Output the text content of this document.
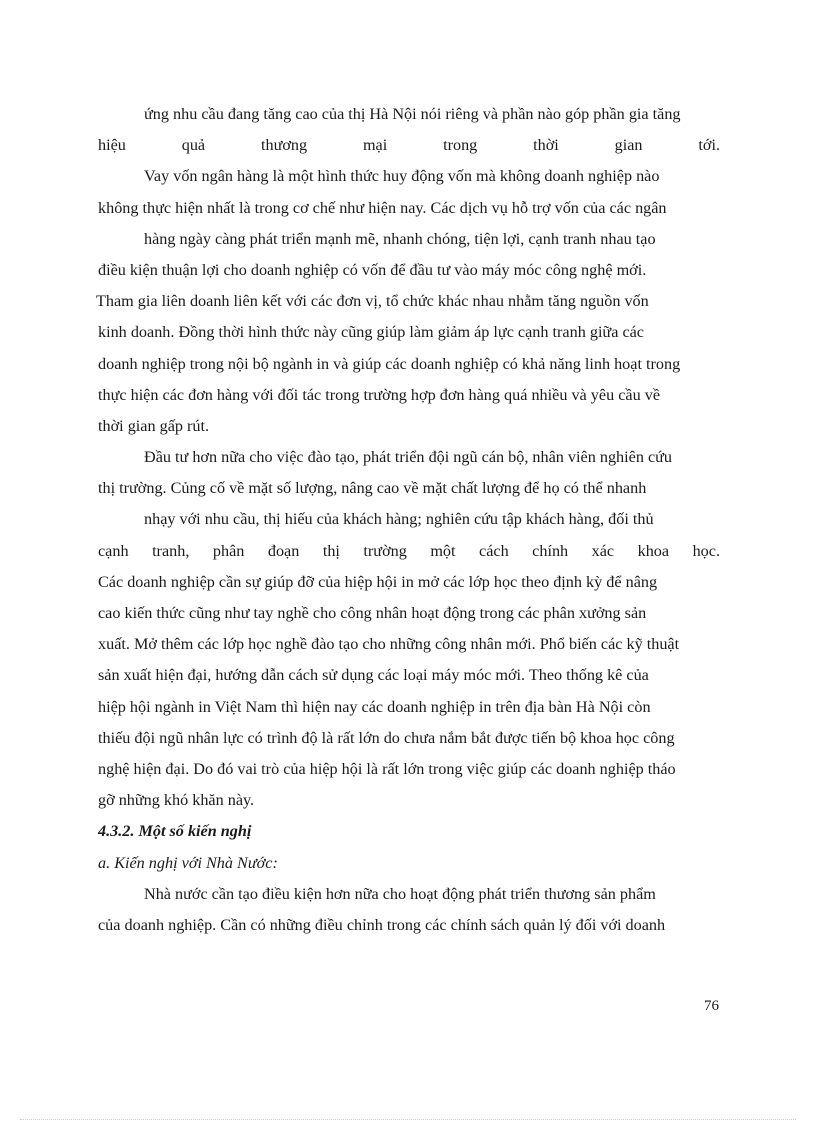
ứng nhu cầu đang tăng cao của thị Hà Nội nói riêng và phần nào góp phần gia tăng
hiệu quả thương mại trong thời gian tới.
Vay vốn ngân hàng là một hình thức huy động vốn mà không doanh nghiệp nào
không thực hiện nhất là trong cơ chế như hiện nay. Các dịch vụ hỗ trợ vốn của các ngân
hàng ngày càng phát triển mạnh mẽ, nhanh chóng, tiện lợi, cạnh tranh nhau tạo
điều kiện thuận lợi cho doanh nghiệp có vốn để đầu tư vào máy móc công nghệ mới.
Tham gia liên doanh liên kết với các đơn vị, tổ chức khác nhau nhằm tăng nguồn vốn
kinh doanh. Đồng thời hình thức này cũng giúp làm giảm áp lực cạnh tranh giữa các
doanh nghiệp trong nội bộ ngành in và giúp các doanh nghiệp có khả năng linh hoạt trong
thực hiện các đơn hàng với đối tác trong trường hợp đơn hàng quá nhiều và yêu cầu về
thời gian gấp rút.
Đầu tư hơn nữa cho việc đào tạo, phát triển đội ngũ cán bộ, nhân viên nghiên cứu
thị trường. Củng cố về mặt số lượng, nâng cao về mặt chất lượng để họ có thể nhanh
nhạy với nhu cầu, thị hiếu của khách hàng; nghiên cứu tập khách hàng, đối thủ
cạnh tranh, phân đoạn thị trường một cách chính xác khoa học.
Các doanh nghiệp cần sự giúp đỡ của hiệp hội in mở các lớp học theo định kỳ để nâng
cao kiến thức cũng như tay nghề cho công nhân hoạt động trong các phân xưởng sản
xuất. Mở thêm các lớp học nghề đào tạo cho những công nhân mới. Phổ biến các kỹ thuật
sản xuất hiện đại, hướng dẫn cách sử dụng các loại máy móc mới. Theo thống kê của
hiệp hội ngành in Việt Nam thì hiện nay các doanh nghiệp in trên địa bàn Hà Nội còn
thiếu đội ngũ nhân lực có trình độ là rất lớn do chưa nắm bắt được tiến bộ khoa học công
nghệ hiện đại. Do đó vai trò của hiệp hội là rất lớn trong việc giúp các doanh nghiệp tháo
gỡ những khó khăn này.
4.3.2. Một số kiến nghị
a. Kiến nghị với Nhà Nước:
Nhà nước cần tạo điều kiện hơn nữa cho hoạt động phát triển thương sản phẩm
của doanh nghiệp. Cần có những điều chỉnh trong các chính sách quản lý đối với doanh
76
